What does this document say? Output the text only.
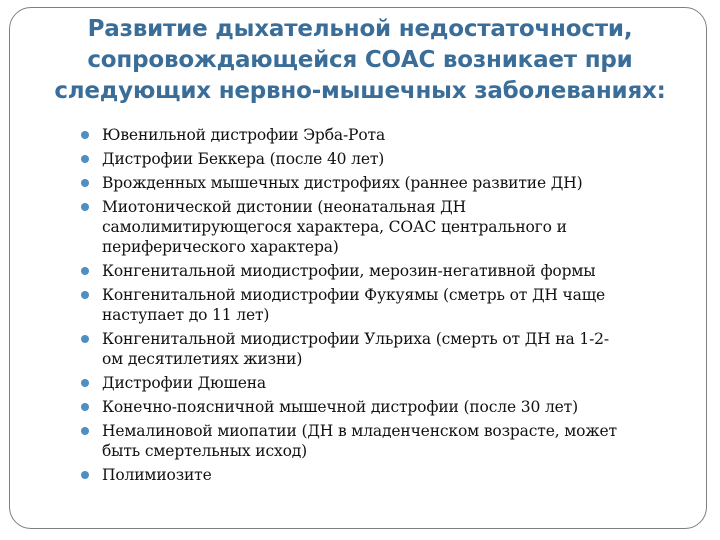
Развитие дыхательной недостаточности,
сопровождающейся СОАС возникает при
следующих нервно-мышечных заболеваниях:
Ювенильной дистрофии Эрба-Рота
Дистрофии Беккера (после 40 лет)
Врожденных мышечных дистрофиях (раннее развитие ДН)
Миотонической дистонии (неонатальная ДН
самолимитирующегося характера, СОАС центрального и
периферического характера)
Конгенитальной миодистрофии, мерозин-негативной формы
Конгенитальной миодистрофии Фукуямы (сметрь от ДН чаще
наступает до 11 лет)
Конгенитальной миодистрофии Ульриха (смерть от ДН на 1-2-
ом десятилетиях жизни)
Дистрофии Дюшена
Конечно-поясничной мышечной дистрофии (после 30 лет)
Немалиновой миопатии (ДН в младенченском возрасте, может
быть смертельных исход)
Полимиозите
